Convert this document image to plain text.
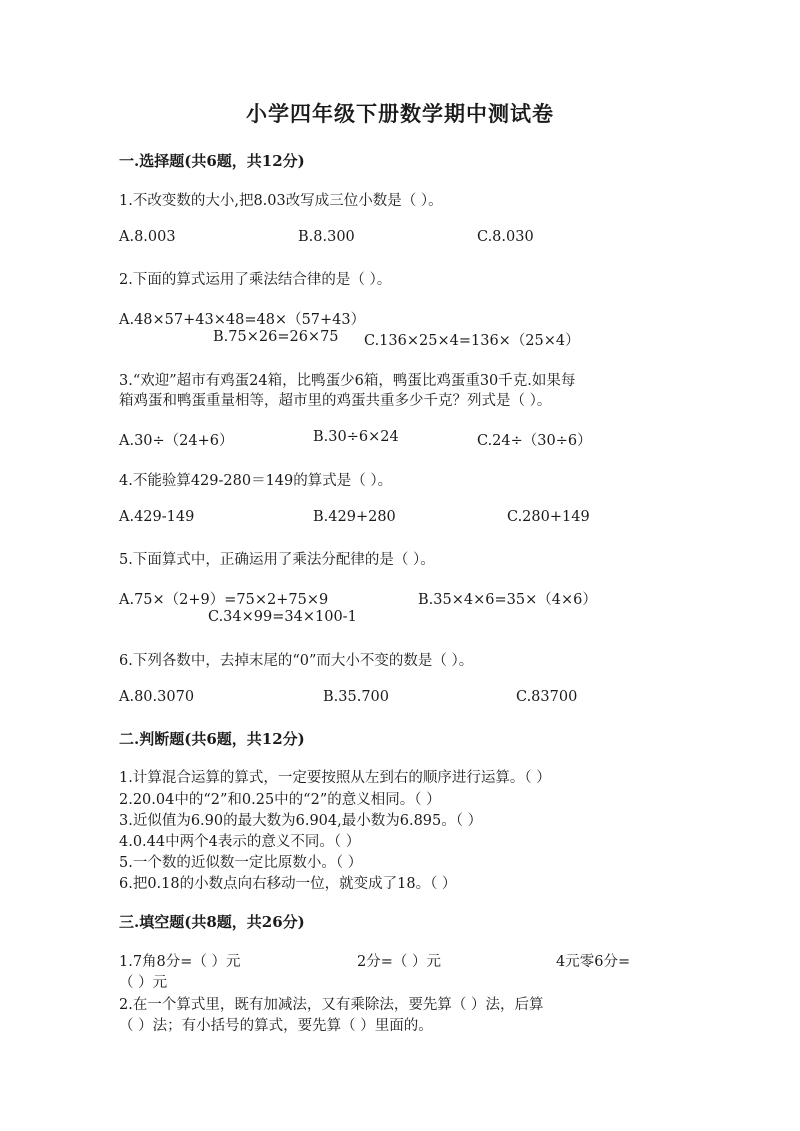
小学四年级下册数学期中测试卷
一.选择题(共6题，共12分)
1.不改变数的大小,把8.03改写成三位小数是（ ）。
A.8.003	B.8.300	C.8.030
2.下面的算式运用了乘法结合律的是（ ）。
A.48×57+43×48=48×（57+43）
B.75×26=26×75 C.136×25×4=136×（25×4）
3.“欢迎”超市有鸡蛋24箱，比鸭蛋少6箱，鸭蛋比鸡蛋重30千克.如果每
箱鸡蛋和鸭蛋重量相等，超市里的鸡蛋共重多少千克？列式是（ ）。
A.30÷（24+6）	B.30÷6×24	C.24÷（30÷6）
4.不能验算429-280＝149的算式是（ ）。
A.429-149	B.429+280	C.280+149
5.下面算式中，正确运用了乘法分配律的是（ ）。
A.75×（2+9）=75×2+75×9	B.35×4×6=35×（4×6）
C.34×99=34×100-1
6.下列各数中，去掉末尾的“0”而大小不变的数是（ ）。
A.80.3070	B.35.700	C.83700
二.判断题(共6题，共12分)
1.计算混合运算的算式，一定要按照从左到右的顺序进行运算。（ ）
2.20.04中的“2”和0.25中的“2”的意义相同。（ ）
3.近似值为6.90的最大数为6.904,最小数为6.895。（ ）
4.0.44中两个4表示的意义不同。（ ）
5.一个数的近似数一定比原数小。（ ）
6.把0.18的小数点向右移动一位，就变成了18。（ ）
三.填空题(共8题，共26分)
1.7角8分=（ ）元	2分=（ ）元	4元零6分=
（ ）元
2.在一个算式里，既有加减法，又有乘除法，要先算（ ）法，后算
（ ）法；有小括号的算式，要先算（ ）里面的。
